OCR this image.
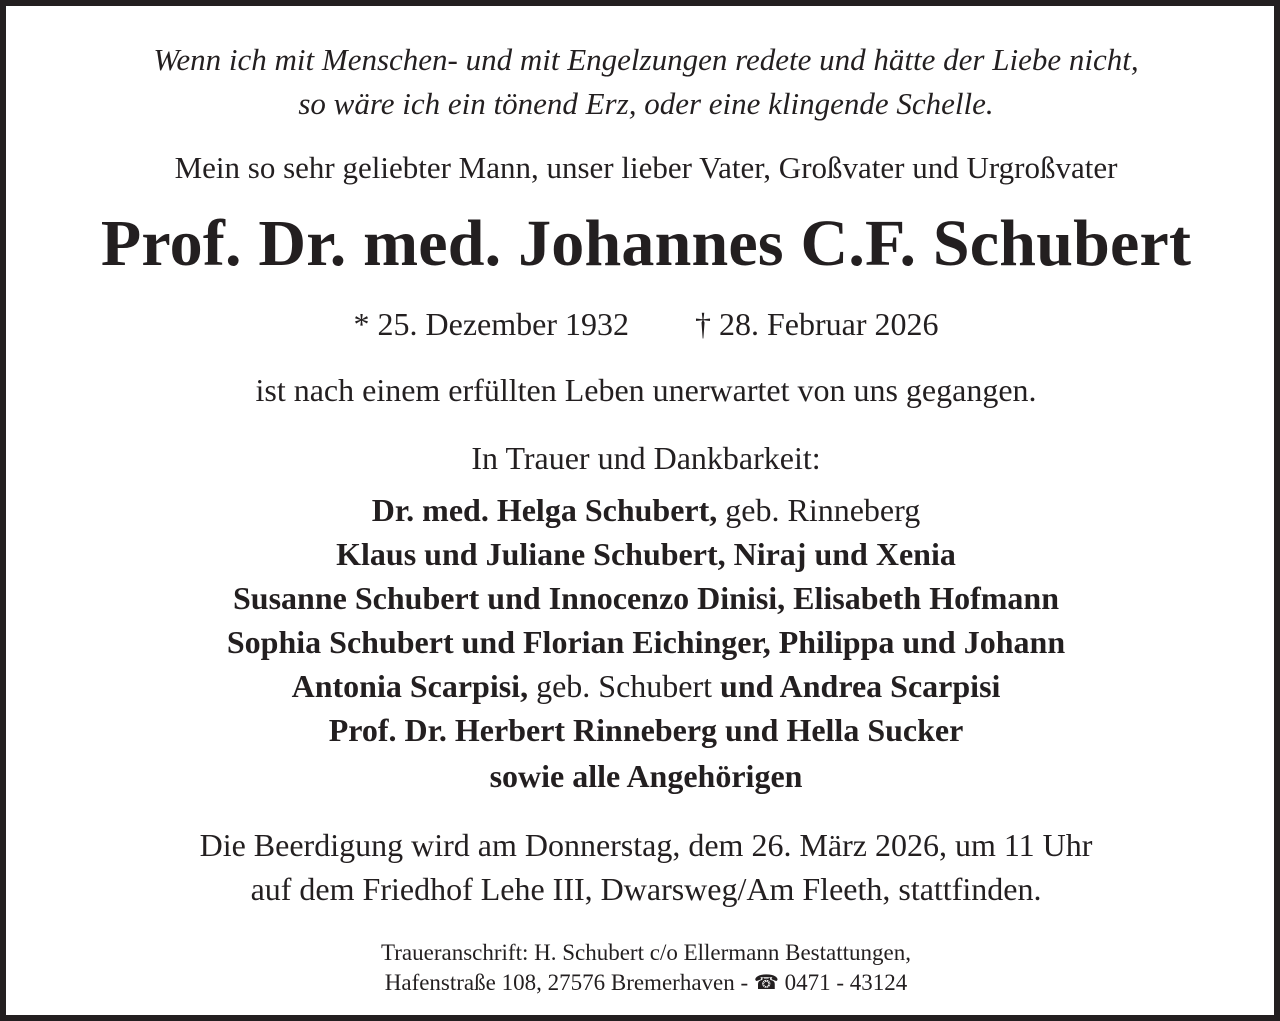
Wenn ich mit Menschen- und mit Engelzungen redete und hätte der Liebe nicht,
so wäre ich ein tönend Erz, oder eine klingende Schelle.
Mein so sehr geliebter Mann, unser lieber Vater, Großvater und Urgroßvater
Prof. Dr. med. Johannes C.F. Schubert
* 25. Dezember 1932 † 28. Februar 2026
ist nach einem erfüllten Leben unerwartet von uns gegangen.
In Trauer und Dankbarkeit:
Dr. med. Helga Schubert, geb. Rinneberg
Klaus und Juliane Schubert, Niraj und Xenia
Susanne Schubert und Innocenzo Dinisi, Elisabeth Hofmann
Sophia Schubert und Florian Eichinger, Philippa und Johann
Antonia Scarpisi, geb. Schubert und Andrea Scarpisi
Prof. Dr. Herbert Rinneberg und Hella Sucker
sowie alle Angehörigen
Die Beerdigung wird am Donnerstag, dem 26. März 2026, um 11 Uhr
auf dem Friedhof Lehe III, Dwarsweg/Am Fleeth, stattfinden.
Traueranschrift: H. Schubert c/o Ellermann Bestattungen,
Hafenstraße 108, 27576 Bremerhaven - ☎ 0471 - 43124
